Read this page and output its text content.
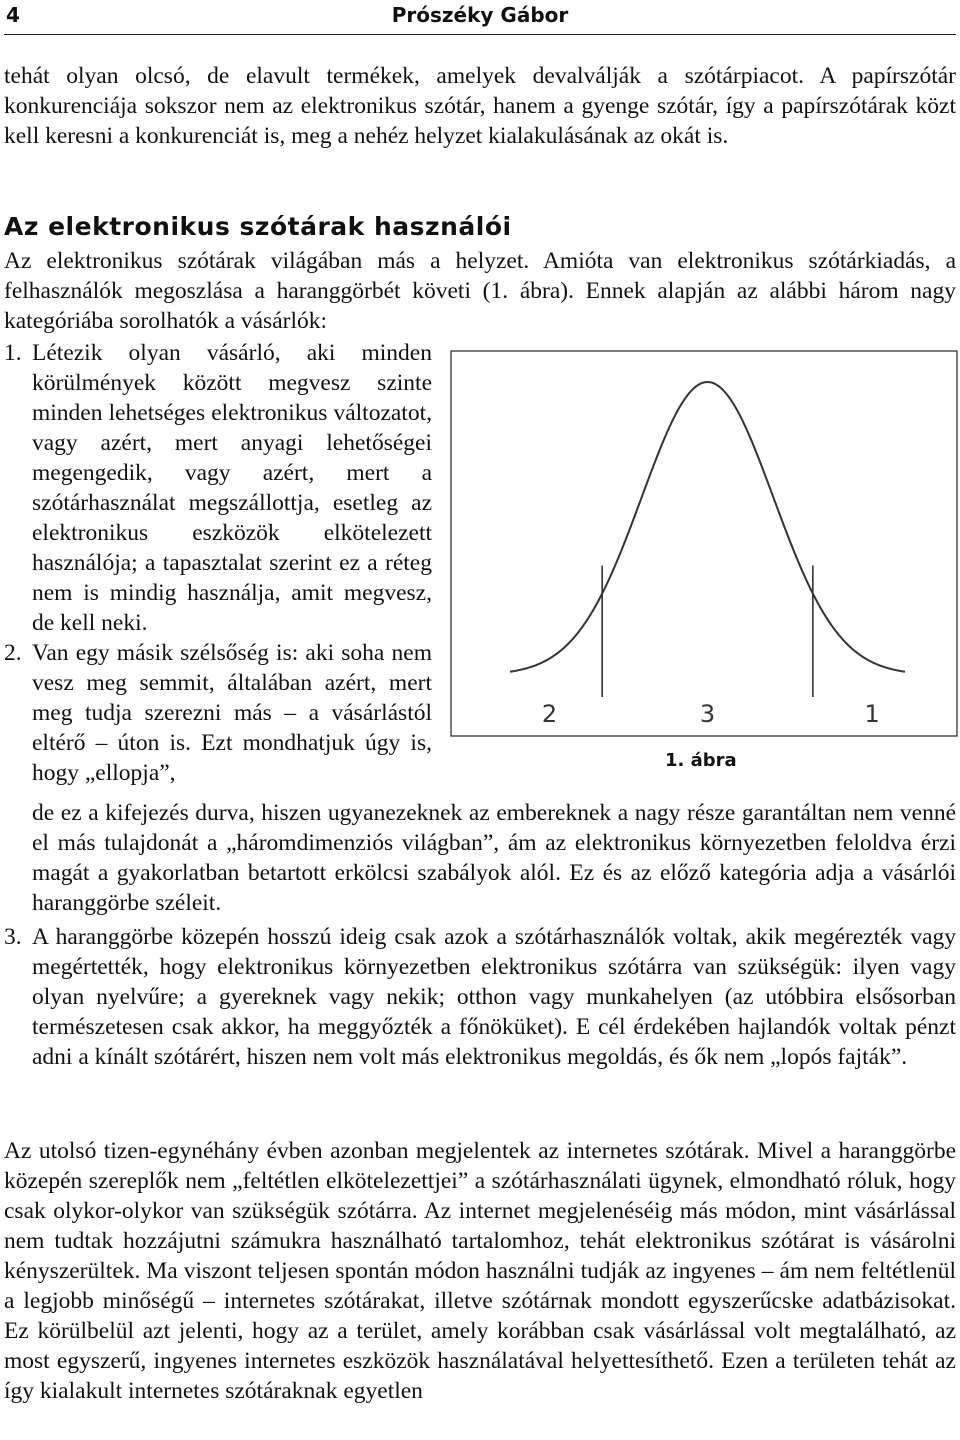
4	Prószéky Gábor

tehát olyan olcsó, de elavult termékek, amelyek devalválják a szótárpiacot. A papírszótár konkurenciája sokszor nem az elektronikus szótár, hanem a gyenge szótár, így a papírszótárak közt kell keresni a konkurenciát is, meg a nehéz helyzet kialakulásának az okát is.

Az elektronikus szótárak használói

Az elektronikus szótárak világában más a helyzet. Amióta van elektronikus szótárkiadás, a felhasználók megoszlása a haranggörbét követi (1. ábra). Ennek alapján az alábbi három nagy kategóriába sorolhatók a vásárlók:

1. Létezik olyan vásárló, aki minden körülmények között megvesz szinte minden lehetséges elektronikus változatot, vagy azért, mert anyagi lehetőségei megengedik, vagy azért, mert a szótárhasználat megszállottja, esetleg az elektronikus eszközök elkötelezett használója; a tapasztalat szerint ez a réteg nem is mindig használja, amit megvesz, de kell neki.
2. Van egy másik szélsőség is: aki soha nem vesz meg semmit, általában azért, mert meg tudja szerezni más – a vásárlástól eltérő – úton is. Ezt mondhatjuk úgy is, hogy „ellopja”,
de ez a kifejezés durva, hiszen ugyanezeknek az embereknek a nagy része garantáltan nem venné el más tulajdonát a „háromdimenziós világban”, ám az elektronikus környezetben feloldva érzi magát a gyakorlatban betartott erkölcsi szabályok alól. Ez és az előző kategória adja a vásárlói haranggörbe széleit.
3. A haranggörbe közepén hosszú ideig csak azok a szótárhasználók voltak, akik megérezték vagy megértették, hogy elektronikus környezetben elektronikus szótárra van szükségük: ilyen vagy olyan nyelvűre; a gyereknek vagy nekik; otthon vagy munkahelyen (az utóbbira elsősorban természetesen csak akkor, ha meggyőzték a főnöküket). E cél érdekében hajlandók voltak pénzt adni a kínált szótárért, hiszen nem volt más elektronikus megoldás, és ők nem „lopós fajták”.

Az utolsó tizen-egynéhány évben azonban megjelentek az internetes szótárak. Mivel a haranggörbe közepén szereplők nem „feltétlen elkötelezettjei” a szótárhasználati ügynek, elmondható róluk, hogy csak olykor-olykor van szükségük szótárra. Az internet megjelenéséig más módon, mint vásárlással nem tudtak hozzájutni számukra használható tartalomhoz, tehát elektronikus szótárat is vásárolni kényszerültek. Ma viszont teljesen spontán módon használni tudják az ingyenes – ám nem feltétlenül a legjobb minőségű – internetes szótárakat, illetve szótárnak mondott egyszerűcske adatbázisokat. Ez körülbelül azt jelenti, hogy az a terület, amely korábban csak vásárlással volt megtalálható, az most egyszerű, ingyenes internetes eszközök használatával helyettesíthető. Ezen a területen tehát az így kialakult internetes szótáraknak egyetlen

2	3	1
1. ábra
